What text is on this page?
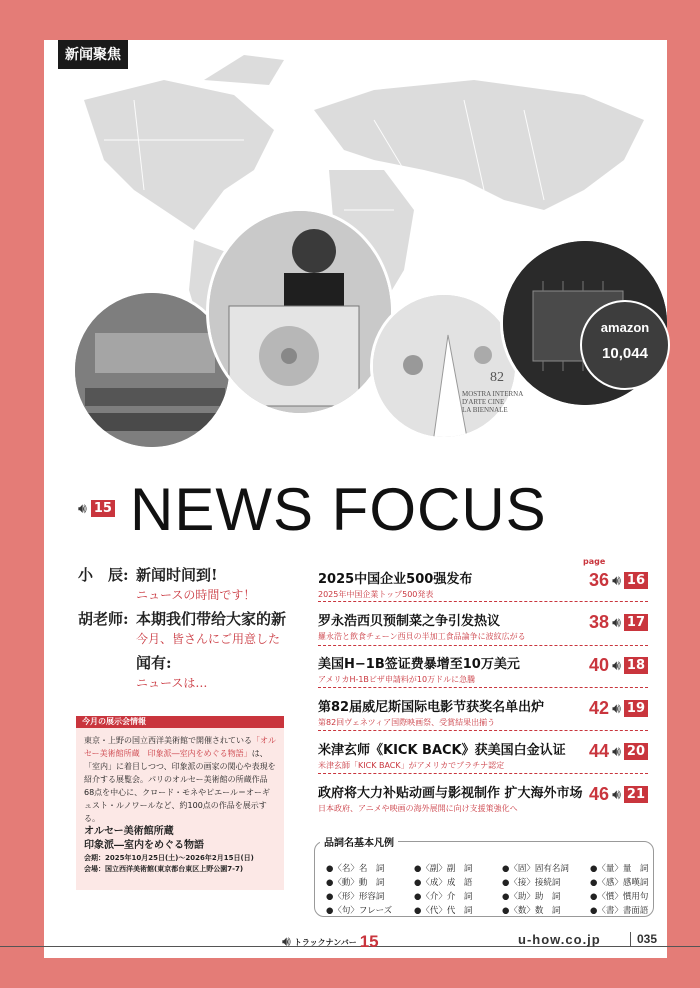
新闻聚焦
amazon
10,044
82
MOSTRA INTERNA
D'ARTE CINE
LA BIENNALE
🔊︎ 15 NEWS FOCUS
小　辰: 新闻时间到!
ニュースの時間です！
胡老师: 本期我们带给大家的新
今月、皆さんにご用意した
闻有:
ニュースは…
東京・上野の国立西洋美術館で開催されている「オルセー美術館所蔵　印象派―室内をめぐる物語」は、「室内」に着目しつつ、印象派の画家の関心や表現を紹介する展覧会。パリのオルセー美術館の所蔵作品68点を中心に、クロード・モネやピエール＝オーギュスト・ルノワールなど、約100点の作品を展示する。
オルセー美術館所蔵
印象派―室内をめぐる物語
会期：2025年10月25日(土)〜2026年2月15日(日)
会場：国立西洋美術館(東京都台東区上野公園7-7)
今月の展示会情報
page
2025中国企业500强发布
2025年中国企業トップ500発表
36 🔊︎ 16
罗永浩西贝预制菜之争引发热议
羅永浩と飲食チェーン西貝の半加工食品論争に波紋広がる
38 🔊︎ 17
美国H−1B签证费暴增至10万美元
アメリカH-1Bビザ申請料が10万ドルに急騰
40 🔊︎ 18
第82届威尼斯国际电影节获奖名单出炉
第82回ヴェネツィア国際映画祭、受賞結果出揃う
42 🔊︎ 19
米津玄师《KICK BACK》获美国白金认证
米津玄師「KICK BACK」がアメリカでプラチナ認定
44 🔊︎ 20
政府将大力补贴动画与影视制作 扩大海外市场
日本政府、アニメや映画の海外展開に向け支援策強化へ
46 🔊︎ 21
品詞名基本凡例
●〈名〉名　詞	●〈副〉副　詞	●〈固〉固有名詞	●〈量〉量　詞
●〈動〉動　詞	●〈成〉成　語	●〈接〉接続詞	●〈感〉感嘆詞
●〈形〉形容詞	●〈介〉介　詞	●〈助〉助　詞	●〈慣〉慣用句
●〈句〉フレーズ	●〈代〉代　詞	●〈数〉数　詞	●〈書〉書面語
🔊︎ トラックナンバー 15	u-how.co.jp	035
